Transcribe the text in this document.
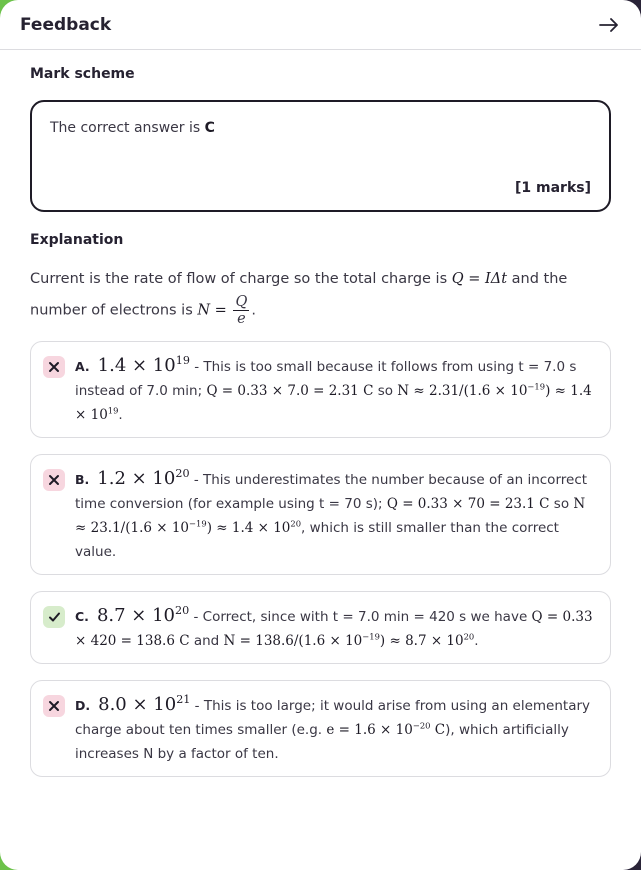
Feedback
Mark scheme
The correct answer is C
[1 marks]
Explanation
Current is the rate of flow of charge so the total charge is Q = IΔt and the
number of electrons is $N = \frac{Q}{e}$ .
A. $1.4 \times 10^{19}$ - This is too small because it follows from using t = 7.0 s instead of 7.0 min; Q = 0.33 × 7.0 = 2.31 C so $N \approx 2.31/(1.6 \times 10^{-19}) \approx 1.4 \times 10^{19}$.
B. $1.2 \times 10^{20}$ - This underestimates the number because of an incorrect time conversion (for example using t = 70 s); Q = 0.33 × 70 = 23.1 C so $N \approx 23.1/(1.6 \times 10^{-19}) \approx 1.4 \times 10^{20}$, which is still smaller than the correct value.
C. $8.7 \times 10^{20}$ - Correct, since with t = 7.0 min = 420 s we have Q = 0.33 × 420 = 138.6 C and $N = 138.6/(1.6 \times 10^{-19}) \approx 8.7 \times 10^{20}$.
D. $8.0 \times 10^{21}$ - This is too large; it would arise from using an elementary charge about ten times smaller (e.g. $e = 1.6 \times 10^{-20}$ C), which artificially increases N by a factor of ten.
